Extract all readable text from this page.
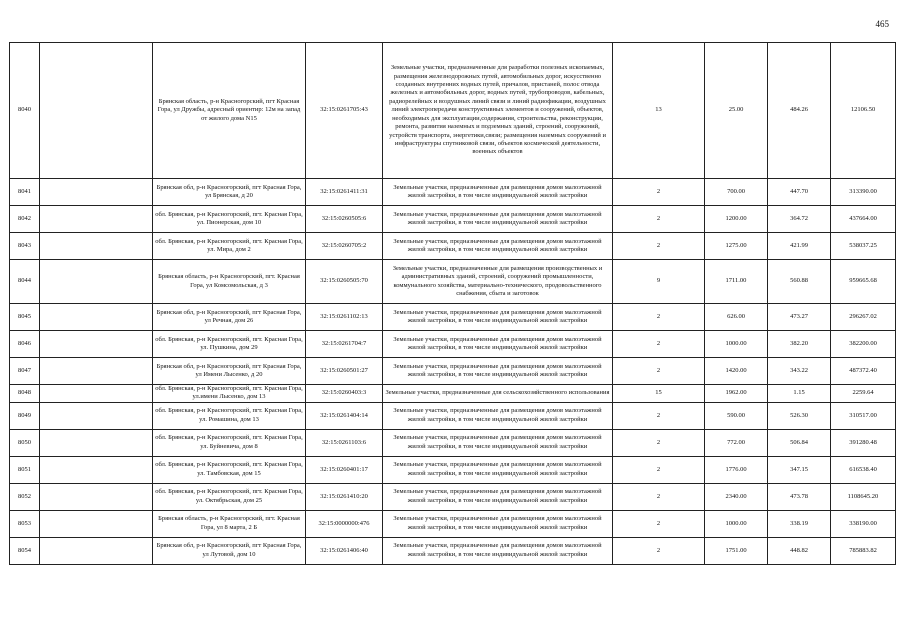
465
8040		Брянская область, р-н Красногорский, пгт Красная Гора, ул Дружбы, адресный ориентир: 12м на запад от жилого дома N15	32:15:0261705:43	Земельные участки, предназначенные для разработки полезных ископаемых, размещения железнодорожных путей, автомобильных дорог, искусственно созданных внутренних водных путей, причалов, пристаней, полос отвода железных и автомобильных дорог, водных путей, трубопроводов, кабельных, радиорелейных и воздушных линий связи и линий радиофикации, воздушных линий электропередачи конструктивных элементов и сооружений, объектов, необходимых для эксплуатации,содержания, строительства, реконструкции, ремонта, развития наземных и подземных зданий, строений, сооружений, устройств транспорта, энергетики,связи; размещения наземных сооружений и инфраструктуры спутниковой связи, объектов космической деятельности, военных объектов	13	25.00	484.26	12106.50
8041		Брянская обл, р-н Красногорский, пгт Красная Гора, ул Брянская, д 20	32:15:0261411:31	Земельные участки, предназначенные для размещения домов малоэтажной жилой застройки, в том числе индивидуальной жилой застройки	2	700.00	447.70	313390.00
8042		обл. Брянская, р-н Красногорский, пгт. Красная Гора, ул. Пионерская, дом 10	32:15:0260505:6	Земельные участки, предназначенные для размещения домов малоэтажной жилой застройки, в том числе индивидуальной жилой застройки	2	1200.00	364.72	437664.00
8043		обл. Брянская, р-н Красногорский, пгт. Красная Гора, ул. Мира, дом 2	32:15:0260705:2	Земельные участки, предназначенные для размещения домов малоэтажной жилой застройки, в том числе индивидуальной жилой застройки	2	1275.00	421.99	538037.25
8044		Брянская область, р-н Красногорский, пгт. Красная Гора, ул Комсомольская, д 3	32:15:0260505:70	Земельные участки, предназначенные для размещения производственных и административных зданий, строений, сооружений промышленности, коммунального хозяйства, материально-технического, продовольственного снабжения, сбыта и заготовок	9	1711.00	560.88	959665.68
8045		Брянская обл, р-н Красногорский, пгт Красная Гора, ул Речная, дом 26	32:15:0261102:13	Земельные участки, предназначенные для размещения домов малоэтажной жилой застройки, в том числе индивидуальной жилой застройки	2	626.00	473.27	296267.02
8046		обл. Брянская, р-н Красногорский, пгт. Красная Гора, ул. Пушкина, дом 29	32:15:0261704:7	Земельные участки, предназначенные для размещения домов малоэтажной жилой застройки, в том числе индивидуальной жилой застройки	2	1000.00	382.20	382200.00
8047		Брянская обл, р-н Красногорский, пгт Красная Гора, ул Имени Лысенко, д 20	32:15:0260501:27	Земельные участки, предназначенные для размещения домов малоэтажной жилой застройки, в том числе индивидуальной жилой застройки	2	1420.00	343.22	487372.40
8048		обл. Брянская, р-н Красногорский, пгт. Красная Гора, ул.имени Лысенко, дом 13	32:15:0260403:3	Земельные участки, предназначенные для сельскохозяйственного использования	15	1962.00	1.15	2259.64
8049		обл. Брянская, р-н Красногорский, пгт. Красная Гора, ул. Ромашина, дом 13	32:15:0261404:14	Земельные участки, предназначенные для размещения домов малоэтажной жилой застройки, в том числе индивидуальной жилой застройки	2	590.00	526.30	310517.00
8050		обл. Брянская, р-н Красногорский, пгт. Красная Гора, ул. Буйневича, дом 8	32:15:0261103:6	Земельные участки, предназначенные для размещения домов малоэтажной жилой застройки, в том числе индивидуальной жилой застройки	2	772.00	506.84	391280.48
8051		обл. Брянская, р-н Красногорский, пгт. Красная Гора, ул. Тамбовская, дом 15	32:15:0260401:17	Земельные участки, предназначенные для размещения домов малоэтажной жилой застройки, в том числе индивидуальной жилой застройки	2	1776.00	347.15	616538.40
8052		обл. Брянская, р-н Красногорский, пгт. Красная Гора, ул. Октябрьская, дом 25	32:15:0261410:20	Земельные участки, предназначенные для размещения домов малоэтажной жилой застройки, в том числе индивидуальной жилой застройки	2	2340.00	473.78	1108645.20
8053		Брянская область, р-н Красногорский, пгт. Красная Гора, ул 8 марта, 2 Б	32:15:0000000:476	Земельные участки, предназначенные для размещения домов малоэтажной жилой застройки, в том числе индивидуальной жилой застройки	2	1000.00	338.19	338190.00
8054		Брянская обл, р-н Красногорский, пгт Красная Гора, ул Лутовой, дом 10	32:15:0261406:40	Земельные участки, предназначенные для размещения домов малоэтажной жилой застройки, в том числе индивидуальной жилой застройки	2	1751.00	448.82	785883.82
